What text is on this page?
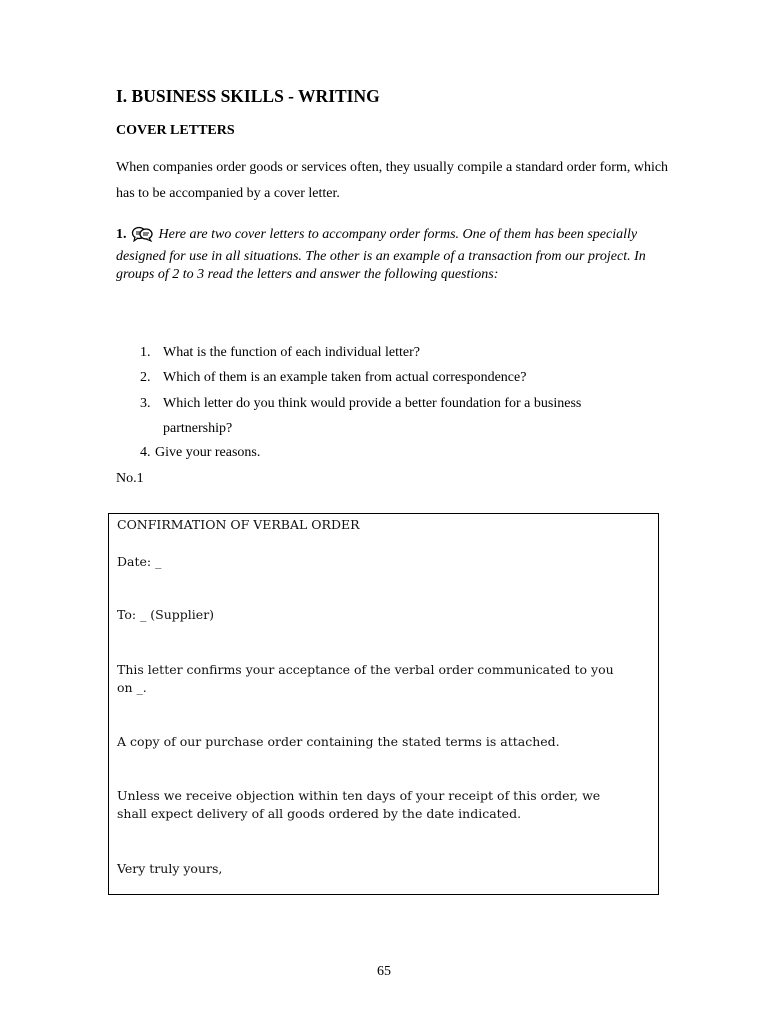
I. BUSINESS SKILLS - WRITING
COVER LETTERS
When companies order goods or services often, they usually compile a standard order form, which has to be accompanied by a cover letter.
1. Here are two cover letters to accompany order forms. One of them has been specially designed for use in all situations. The other is an example of a transaction from our project. In groups of 2 to 3 read the letters and answer the following questions:
1. What is the function of each individual letter?
2. Which of them is an example taken from actual correspondence?
3. Which letter do you think would provide a better foundation for a business
partnership?
4. Give your reasons.
No.1
CONFIRMATION OF VERBAL ORDER
Date: _
To: _ (Supplier)
This letter confirms your acceptance of the verbal order communicated to you
on _.
A copy of our purchase order containing the stated terms is attached.
Unless we receive objection within ten days of your receipt of this order, we
shall expect delivery of all goods ordered by the date indicated.
Very truly yours,
65
